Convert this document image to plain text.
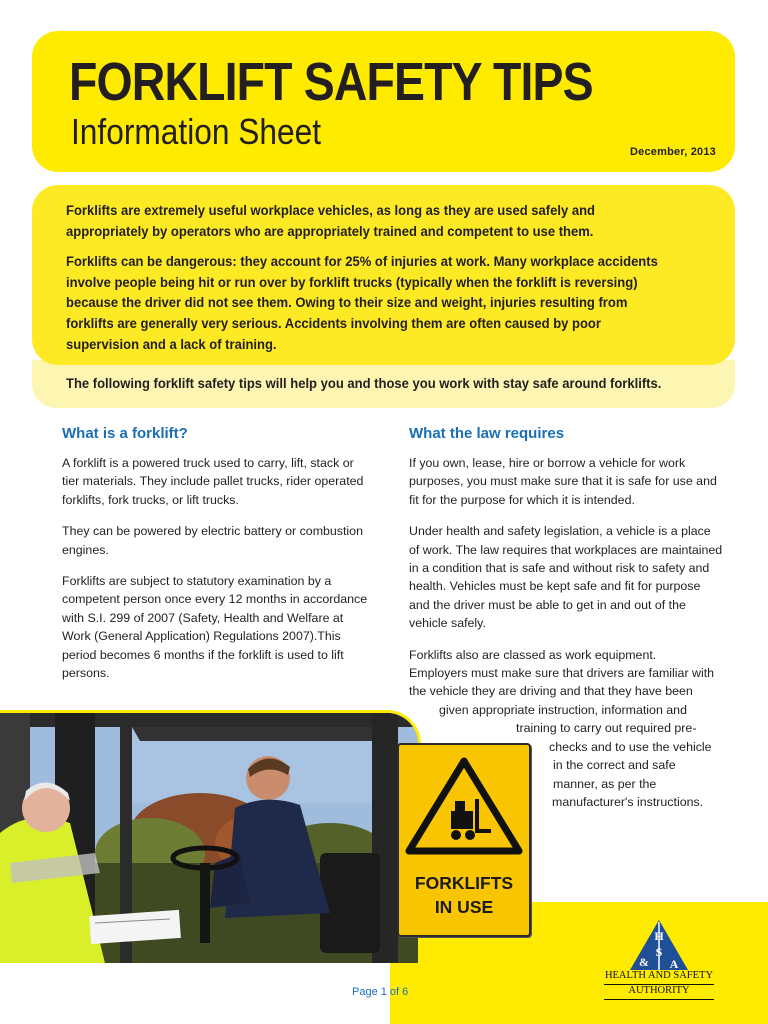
FORKLIFT SAFETY TIPS
Information Sheet	December, 2013

Forklifts are extremely useful workplace vehicles, as long as they are used safely and appropriately by operators who are appropriately trained and competent to use them.

Forklifts can be dangerous: they account for 25% of injuries at work. Many workplace accidents involve people being hit or run over by forklift trucks (typically when the forklift is reversing) because the driver did not see them. Owing to their size and weight, injuries resulting from forklifts are generally very serious. Accidents involving them are often caused by poor supervision and a lack of training.

The following forklift safety tips will help you and those you work with stay safe around forklifts.
What is a forklift?

A forklift is a powered truck used to carry, lift, stack or tier materials. They include pallet trucks, rider operated forklifts, fork trucks, or lift trucks.

They can be powered by electric battery or combustion engines.

Forklifts are subject to statutory examination by a competent person once every 12 months in accordance with S.I. 299 of 2007 (Safety, Health and Welfare at Work (General Application) Regulations 2007).This period becomes 6 months if the forklift is used to lift persons.

What the law requires

If you own, lease, hire or borrow a vehicle for work purposes, you must make sure that it is safe for use and fit for the purpose for which it is intended.

Under health and safety legislation, a vehicle is a place of work. The law requires that workplaces are maintained in a condition that is safe and without risk to safety and health. Vehicles must be kept safe and fit for purpose and the driver must be able to get in and out of the vehicle safely.

Forklifts also are classed as work equipment.
Employers must make sure that drivers are familiar with
the vehicle they are driving and that they have been
given appropriate instruction, information and
training to carry out required pre-
checks and to use the vehicle
in the correct and safe
manner, as per the
manufacturer's instructions.

FORKLIFTS
IN USE
H
S
A
&
HEALTH AND SAFETY
AUTHORITY
Page 1 of 6
